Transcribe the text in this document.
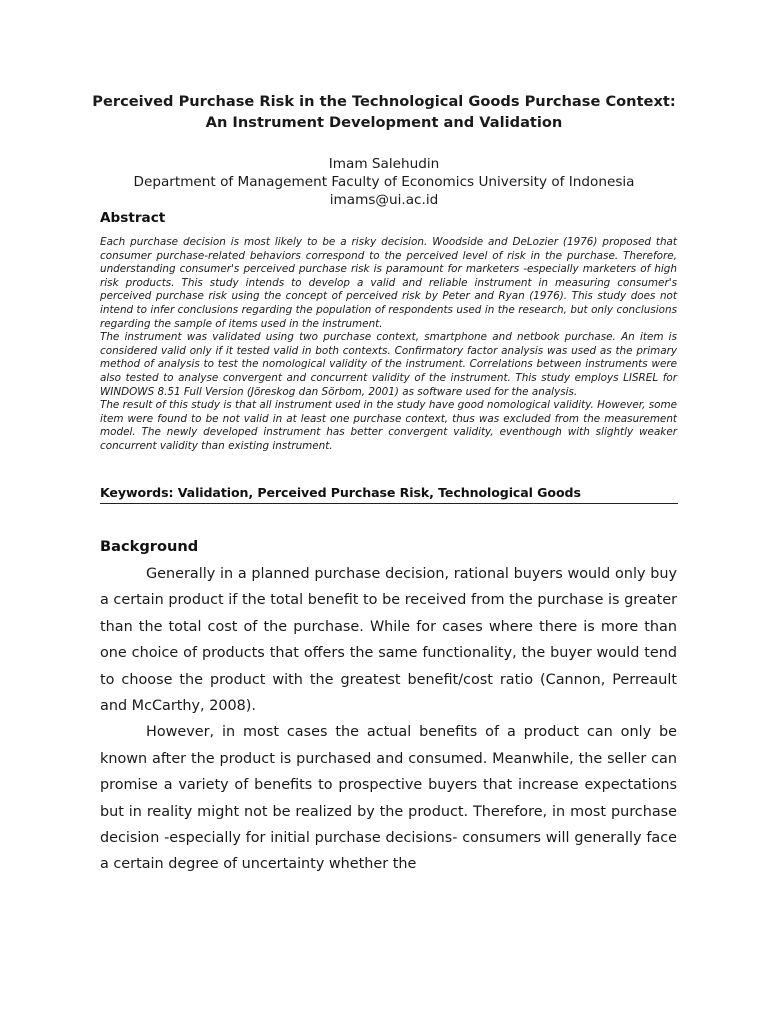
Perceived Purchase Risk in the Technological Goods Purchase Context:
An Instrument Development and Validation
Imam Salehudin
Department of Management Faculty of Economics University of Indonesia
imams@ui.ac.id
Abstract

Each purchase decision is most likely to be a risky decision. Woodside and DeLozier (1976) proposed that consumer purchase-related behaviors correspond to the perceived level of risk in the purchase. Therefore, understanding consumer's perceived purchase risk is paramount for marketers -especially marketers of high risk products. This study intends to develop a valid and reliable instrument in measuring consumer's perceived purchase risk using the concept of perceived risk by Peter and Ryan (1976). This study does not intend to infer conclusions regarding the population of respondents used in the research, but only conclusions regarding the sample of items used in the instrument.

The instrument was validated using two purchase context, smartphone and netbook purchase. An item is considered valid only if it tested valid in both contexts. Confirmatory factor analysis was used as the primary method of analysis to test the nomological validity of the instrument. Correlations between instruments were also tested to analyse convergent and concurrent validity of the instrument. This study employs LISREL for WINDOWS 8.51 Full Version (Jöreskog dan Sörbom, 2001) as software used for the analysis.

The result of this study is that all instrument used in the study have good nomological validity. However, some item were found to be not valid in at least one purchase context, thus was excluded from the measurement model. The newly developed instrument has better convergent validity, eventhough with slightly weaker concurrent validity than existing instrument.

Keywords: Validation, Perceived Purchase Risk, Technological Goods
Background

Generally in a planned purchase decision, rational buyers would only buy a certain product if the total benefit to be received from the purchase is greater than the total cost of the purchase. While for cases where there is more than one choice of products that offers the same functionality, the buyer would tend to choose the product with the greatest benefit/cost ratio (Cannon, Perreault and McCarthy, 2008).

However, in most cases the actual benefits of a product can only be known after the product is purchased and consumed. Meanwhile, the seller can promise a variety of benefits to prospective buyers that increase expectations but in reality might not be realized by the product. Therefore, in most purchase decision -especially for initial purchase decisions- consumers will generally face a certain degree of uncertainty whether the
